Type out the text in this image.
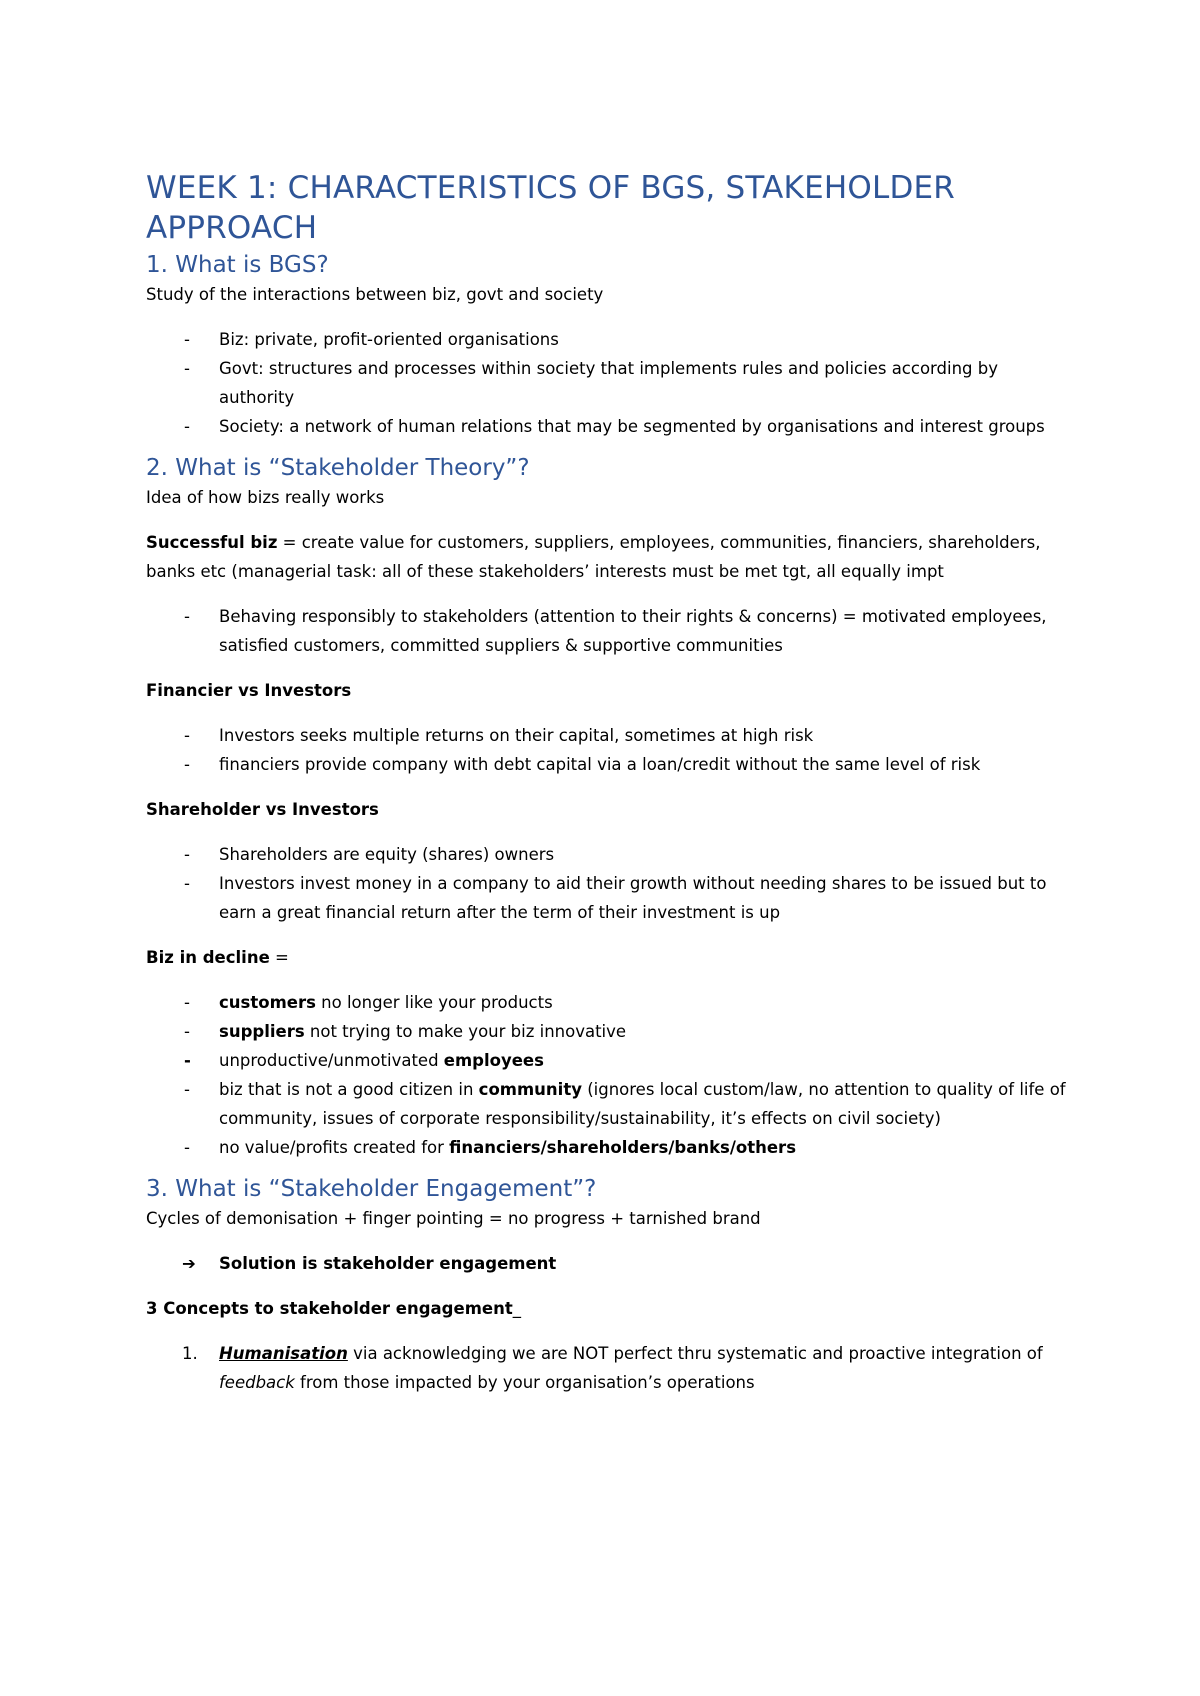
WEEK 1: CHARACTERISTICS OF BGS, STAKEHOLDER
APPROACH
1. What is BGS?

Study of the interactions between biz, govt and society

- Biz: private, profit-oriented organisations
- Govt: structures and processes within society that implements rules and policies according by authority
- Society: a network of human relations that may be segmented by organisations and interest groups
2. What is “Stakeholder Theory”?

Idea of how bizs really works

Successful biz = create value for customers, suppliers, employees, communities, financiers, shareholders, banks etc (managerial task: all of these stakeholders’ interests must be met tgt, all equally impt

- Behaving responsibly to stakeholders (attention to their rights & concerns) = motivated employees, satisfied customers, committed suppliers & supportive communities

Financier vs Investors

- Investors seeks multiple returns on their capital, sometimes at high risk
- financiers provide company with debt capital via a loan/credit without the same level of risk

Shareholder vs Investors

- Shareholders are equity (shares) owners
- Investors invest money in a company to aid their growth without needing shares to be issued but to earn a great financial return after the term of their investment is up

Biz in decline =

- customers no longer like your products
- suppliers not trying to make your biz innovative
- unproductive/unmotivated employees
- biz that is not a good citizen in community (ignores local custom/law, no attention to quality of life of community, issues of corporate responsibility/sustainability, it’s effects on civil society)
- no value/profits created for financiers/shareholders/banks/others
3. What is “Stakeholder Engagement”?

Cycles of demonisation + finger pointing = no progress + tarnished brand

➔ Solution is stakeholder engagement

3 Concepts to stakeholder engagement_

1. Humanisation via acknowledging we are NOT perfect thru systematic and proactive integration of feedback from those impacted by your organisation’s operations
